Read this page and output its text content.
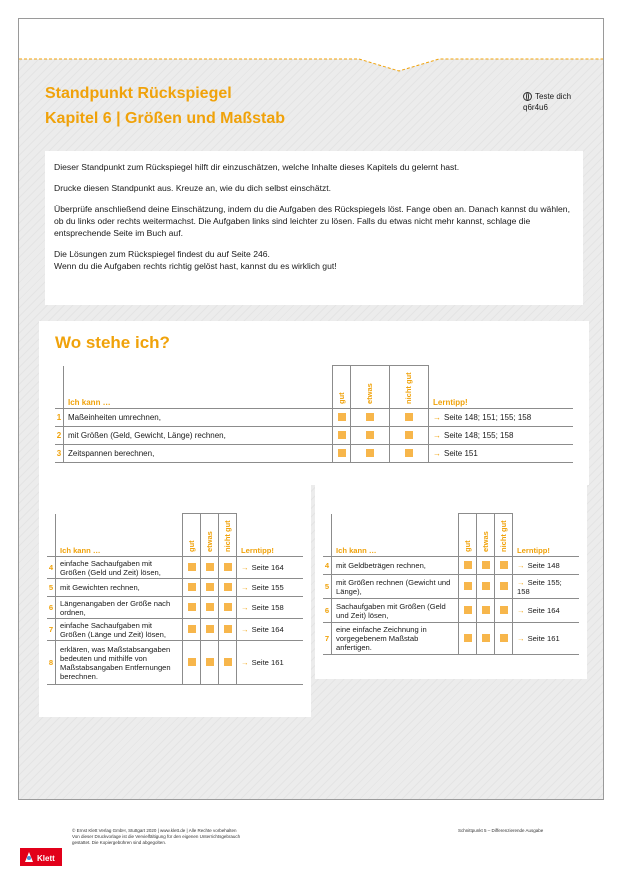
Standpunkt Rückspiegel
Kapitel 6 | Größen und Maßstab
Teste dich
q6r4u6

Dieser Standpunkt zum Rückspiegel hilft dir einzuschätzen, welche Inhalte dieses Kapitels du gelernt hast.

Drucke diesen Standpunkt aus. Kreuze an, wie du dich selbst einschätzt.

Überprüfe anschließend deine Einschätzung, indem du die Aufgaben des Rückspiegels löst. Fange oben an. Danach kannst du wählen, ob du links oder rechts weitermachst. Die Aufgaben links sind leichter zu lösen. Falls du etwas nicht mehr kannst, schlage die entsprechende Seite im Buch auf.

Die Lösungen zum Rückspiegel findest du auf Seite 246.

Wenn du die Aufgaben rechts richtig gelöst hast, kannst du es wirklich gut!

Wo stehe ich?
	Ich kann …	gut	etwas	nicht gut	Lerntipp!
1	Maßeinheiten umrechnen,				→ Seite 148; 151; 155; 158
2	mit Größen (Geld, Gewicht, Länge) rechnen,				→ Seite 148; 155; 158
3	Zeitspannen berechnen,				→ Seite 151
	Ich kann …	gut	etwas	nicht gut	Lerntipp!
4	einfache Sachaufgaben mit Größen (Geld und Zeit) lösen,				→ Seite 164
5	mit Gewichten rechnen,				→ Seite 155
6	Längenangaben der Größe nach ordnen,				→ Seite 158
7	einfache Sachaufgaben mit Größen (Länge und Zeit) lösen,				→ Seite 164
8	erklären, was Maßstabsangaben bedeuten und mithilfe von Maßstabsangaben Entfernungen berechnen.				→ Seite 161
	Ich kann …	gut	etwas	nicht gut	Lerntipp!
4	mit Geldbeträgen rechnen,				→ Seite 148
5	mit Größen rechnen (Gewicht und Länge),				→ Seite 155; 158
6	Sachaufgaben mit Größen (Geld und Zeit) lösen,				→ Seite 164
7	eine einfache Zeichnung in vorgegebenem Maßstab anfertigen.				→ Seite 161
Klett
© Ernst Klett Verlag GmbH, Stuttgart 2020 | www.klett.de | Alle Rechte vorbehalten
Von dieser Druckvorlage ist die Vervielfältigung für den eigenen Unterrichtsgebrauch
gestattet. Die Kopiergebühren sind abgegolten.
Schnittpunkt 5 – Differenzierende Ausgabe
